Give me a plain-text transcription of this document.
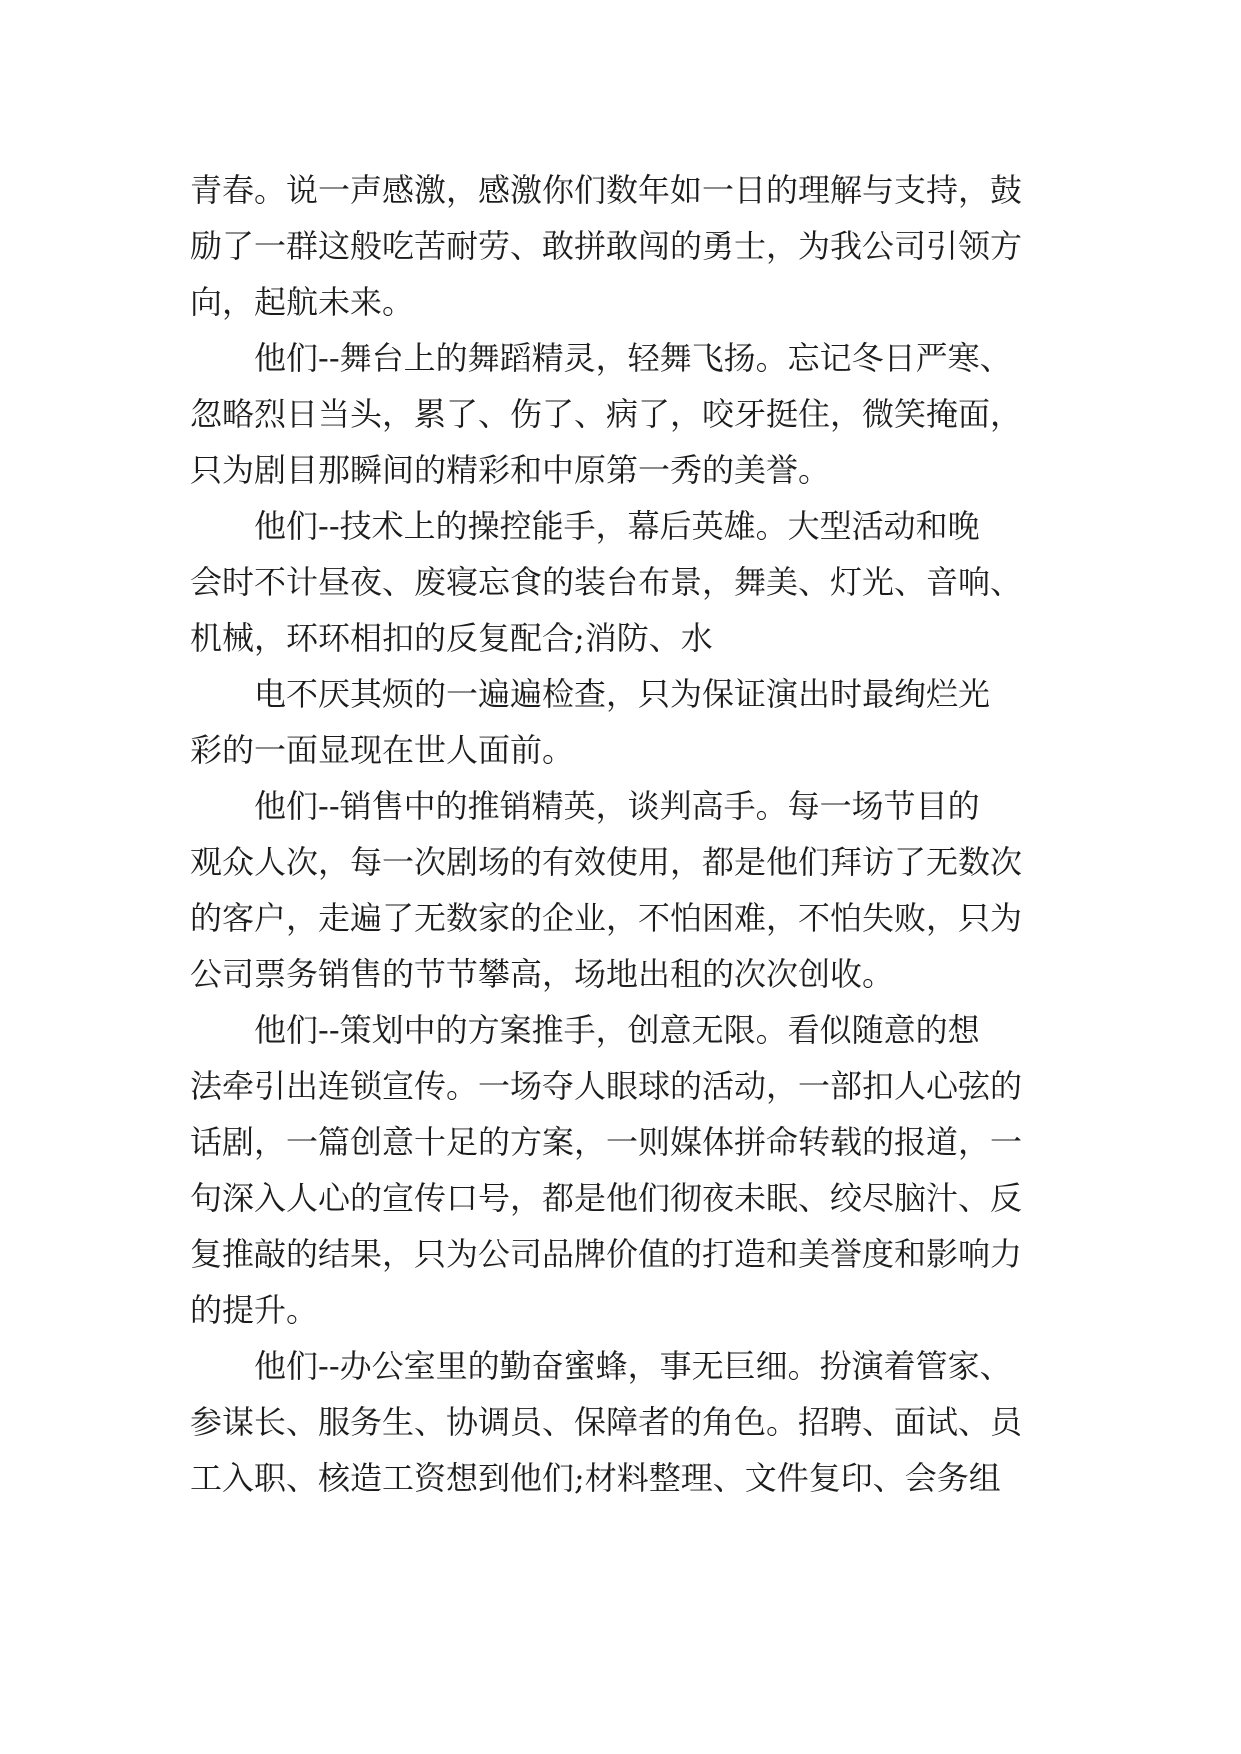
青春。说一声感激，感激你们数年如一日的理解与支持，鼓
励了一群这般吃苦耐劳、敢拼敢闯的勇士，为我公司引领方
向，起航未来。
　　他们--舞台上的舞蹈精灵，轻舞飞扬。忘记冬日严寒、
忽略烈日当头，累了、伤了、病了，咬牙挺住，微笑掩面，
只为剧目那瞬间的精彩和中原第一秀的美誉。
　　他们--技术上的操控能手，幕后英雄。大型活动和晚
会时不计昼夜、废寝忘食的装台布景，舞美、灯光、音响、
机械，环环相扣的反复配合;消防、水
　　电不厌其烦的一遍遍检查，只为保证演出时最绚烂光
彩的一面显现在世人面前。
　　他们--销售中的推销精英，谈判高手。每一场节目的
观众人次，每一次剧场的有效使用，都是他们拜访了无数次
的客户，走遍了无数家的企业，不怕困难，不怕失败，只为
公司票务销售的节节攀高，场地出租的次次创收。
　　他们--策划中的方案推手，创意无限。看似随意的想
法牵引出连锁宣传。一场夺人眼球的活动，一部扣人心弦的
话剧，一篇创意十足的方案，一则媒体拼命转载的报道，一
句深入人心的宣传口号，都是他们彻夜未眠、绞尽脑汁、反
复推敲的结果，只为公司品牌价值的打造和美誉度和影响力
的提升。
　　他们--办公室里的勤奋蜜蜂，事无巨细。扮演着管家、
参谋长、服务生、协调员、保障者的角色。招聘、面试、员
工入职、核造工资想到他们;材料整理、文件复印、会务组
